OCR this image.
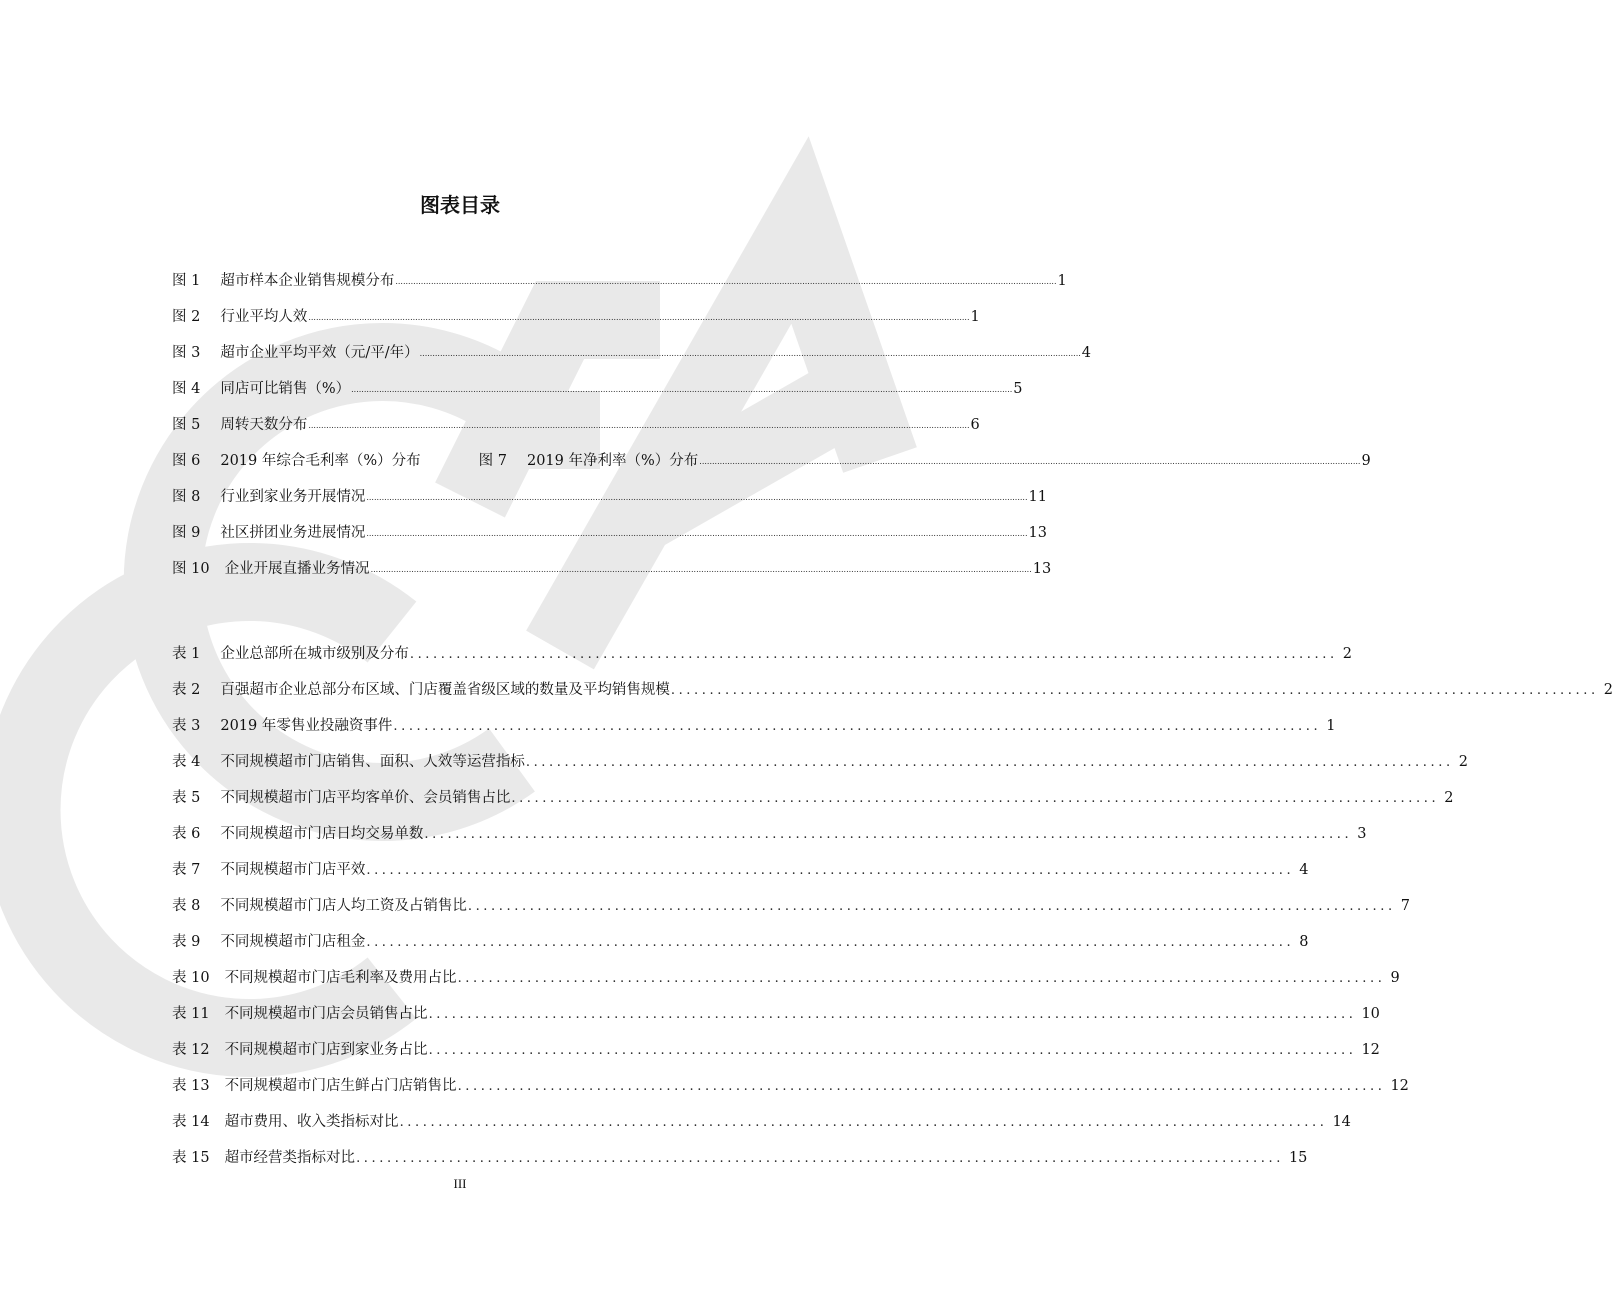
图表目录
图 1 超市样本企业销售规模分布 .................................................................................................................................................................................................................................................................... 1
图 2 行业平均人效 .................................................................................................................................................................................................................................................................... 1
图 3 超市企业平均平效（元/平/年） .................................................................................................................................................................................................................................................................... 4
图 4 同店可比销售（%） .................................................................................................................................................................................................................................................................... 5
图 5 周转天数分布 .................................................................................................................................................................................................................................................................... 6
图 6 2019 年综合毛利率（%）分布	图 7 2019 年净利率（%）分布 .................................................................................................................................................................................................................................................................... 9
图 8 行业到家业务开展情况 .................................................................................................................................................................................................................................................................... 11
图 9 社区拼团业务进展情况 .................................................................................................................................................................................................................................................................... 13
图 10 企业开展直播业务情况 .................................................................................................................................................................................................................................................................... 13
表 1 企业总部所在城市级别及分布 ........................................................................................................................ 2
表 2 百强超市企业总部分布区域、门店覆盖省级区域的数量及平均销售规模 ........................................................................................................................ 2
表 3 2019 年零售业投融资事件 ........................................................................................................................ 1
表 4 不同规模超市门店销售、面积、人效等运营指标 ........................................................................................................................ 2
表 5 不同规模超市门店平均客单价、会员销售占比 ........................................................................................................................ 2
表 6 不同规模超市门店日均交易单数 ........................................................................................................................ 3
表 7 不同规模超市门店平效 ........................................................................................................................ 4
表 8 不同规模超市门店人均工资及占销售比 ........................................................................................................................ 7
表 9 不同规模超市门店租金 ........................................................................................................................ 8
表 10 不同规模超市门店毛利率及费用占比 ........................................................................................................................ 9
表 11 不同规模超市门店会员销售占比 ........................................................................................................................ 10
表 12 不同规模超市门店到家业务占比 ........................................................................................................................ 12
表 13 不同规模超市门店生鲜占门店销售比 ........................................................................................................................ 12
表 14 超市费用、收入类指标对比 ........................................................................................................................ 14
表 15 超市经营类指标对比 ........................................................................................................................ 15
III
